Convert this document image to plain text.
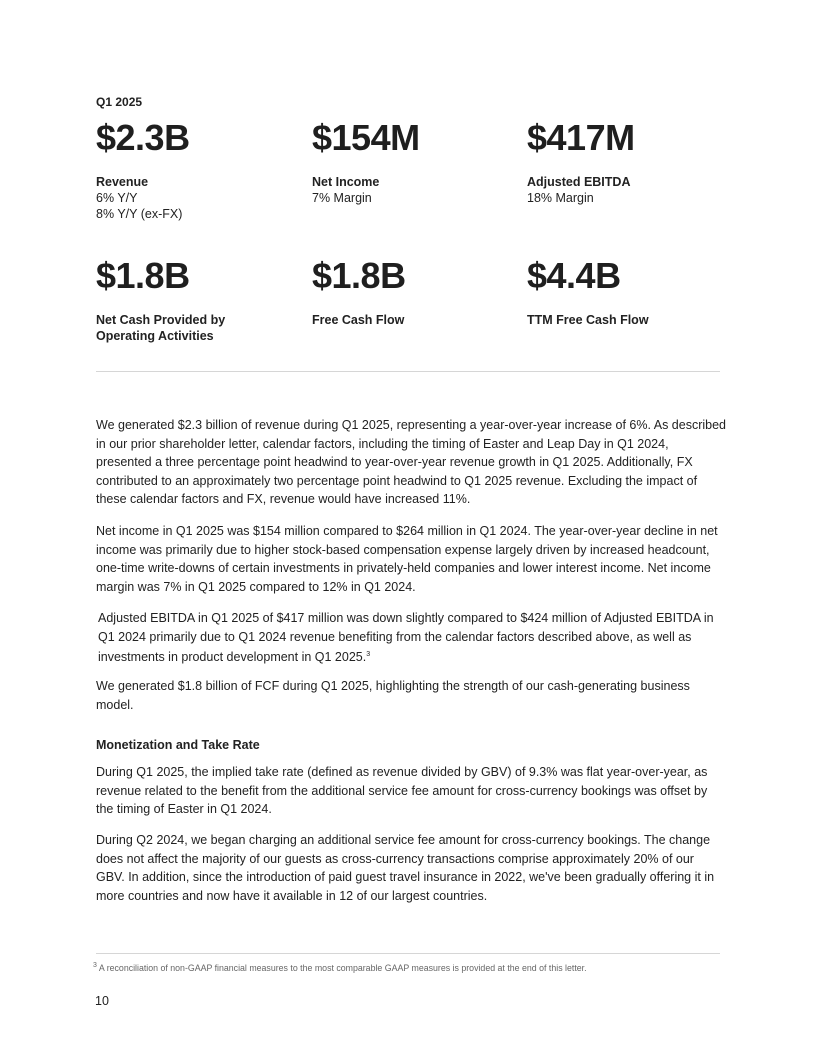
Q1 2025
$2.3B
Revenue
6% Y/Y
8% Y/Y (ex-FX)
$154M
Net Income
7% Margin
$417M
Adjusted EBITDA
18% Margin
$1.8B
Net Cash Provided by
Operating Activities
$1.8B
Free Cash Flow
$4.4B
TTM Free Cash Flow

We generated $2.3 billion of revenue during Q1 2025, representing a year-over-year increase of 6%. As described in our prior shareholder letter, calendar factors, including the timing of Easter and Leap Day in Q1 2024, presented a three percentage point headwind to year-over-year revenue growth in Q1 2025. Additionally, FX contributed to an approximately two percentage point headwind to Q1 2025 revenue. Excluding the impact of these calendar factors and FX, revenue would have increased 11%.

Net income in Q1 2025 was $154 million compared to $264 million in Q1 2024. The year-over-year decline in net income was primarily due to higher stock-based compensation expense largely driven by increased headcount, one-time write-downs of certain investments in privately-held companies and lower interest income. Net income margin was 7% in Q1 2025 compared to 12% in Q1 2024.

Adjusted EBITDA in Q1 2025 of $417 million was down slightly compared to $424 million of Adjusted EBITDA in Q1 2024 primarily due to Q1 2024 revenue benefiting from the calendar factors described above, as well as investments in product development in Q1 2025.$^3$

We generated $1.8 billion of FCF during Q1 2025, highlighting the strength of our cash-generating business model.

Monetization and Take Rate

During Q1 2025, the implied take rate (defined as revenue divided by GBV) of 9.3% was flat year-over-year, as revenue related to the benefit from the additional service fee amount for cross-currency bookings was offset by the timing of Easter in Q1 2024.

During Q2 2024, we began charging an additional service fee amount for cross-currency bookings. The change does not affect the majority of our guests as cross-currency transactions comprise approximately 20% of our GBV. In addition, since the introduction of paid guest travel insurance in 2022, we've been gradually offering it in more countries and now have it available in 12 of our largest countries.

$^3$ A reconciliation of non-GAAP financial measures to the most comparable GAAP measures is provided at the end of this letter.
10
